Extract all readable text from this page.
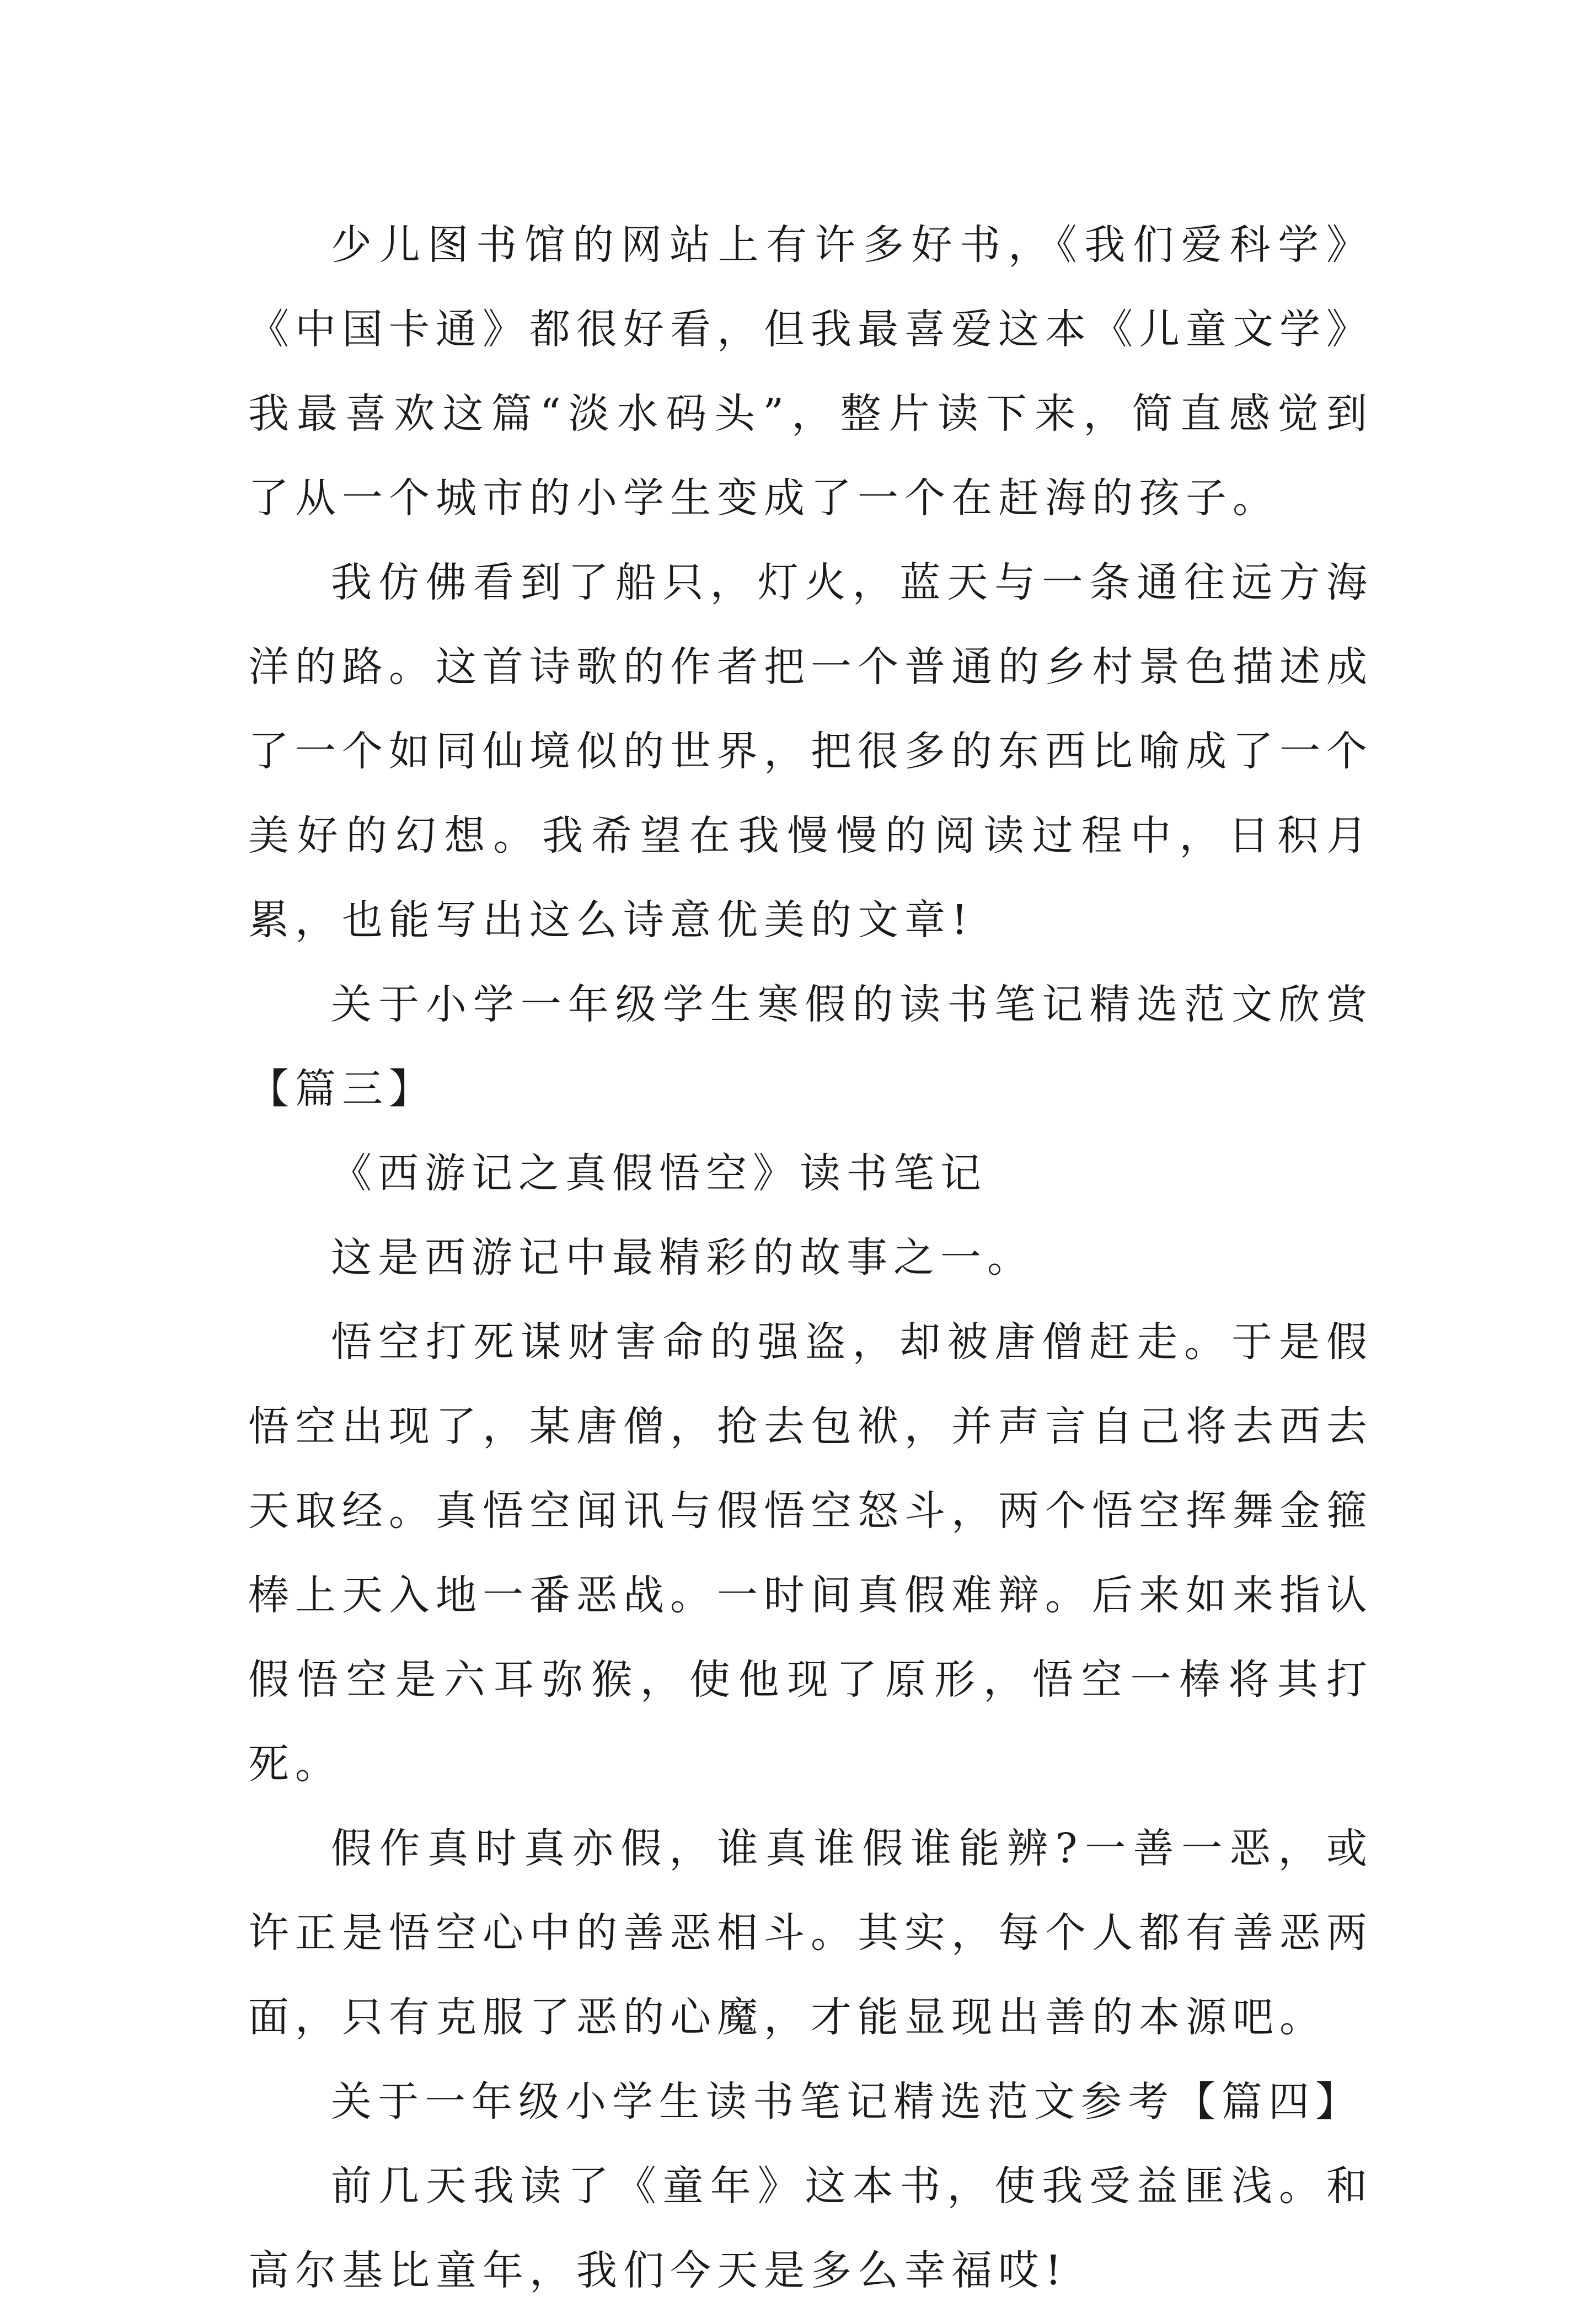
少儿图书馆的网站上有许多好书，《我们爱科学》《中国卡通》都很好看，但我最喜爱这本《儿童文学》我最喜欢这篇“淡水码头”，整片读下来，简直感觉到了从一个城市的小学生变成了一个在赶海的孩子。

我仿佛看到了船只，灯火，蓝天与一条通往远方海洋的路。这首诗歌的作者把一个普通的乡村景色描述成了一个如同仙境似的世界，把很多的东西比喻成了一个美好的幻想。我希望在我慢慢的阅读过程中，日积月累，也能写出这么诗意优美的文章!

关于小学一年级学生寒假的读书笔记精选范文欣赏【篇三】

《西游记之真假悟空》读书笔记

这是西游记中最精彩的故事之一。

悟空打死谋财害命的强盗，却被唐僧赶走。于是假悟空出现了，某唐僧，抢去包袱，并声言自己将去西去天取经。真悟空闻讯与假悟空怒斗，两个悟空挥舞金箍棒上天入地一番恶战。一时间真假难辩。后来如来指认假悟空是六耳弥猴，使他现了原形，悟空一棒将其打死。

假作真时真亦假，谁真谁假谁能辨?一善一恶，或许正是悟空心中的善恶相斗。其实，每个人都有善恶两面，只有克服了恶的心魔，才能显现出善的本源吧。

关于一年级小学生读书笔记精选范文参考【篇四】

前几天我读了《童年》这本书，使我受益匪浅。和高尔基比童年，我们今天是多么幸福哎!
